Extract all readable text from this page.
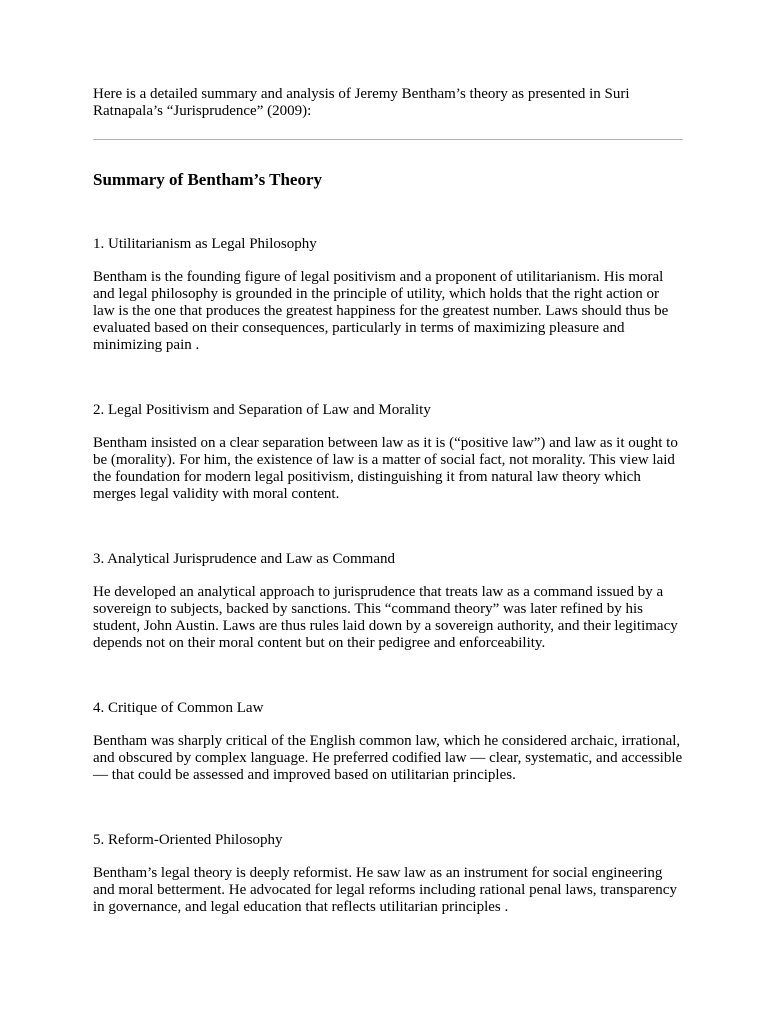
Here is a detailed summary and analysis of Jeremy Bentham’s theory as presented in Suri Ratnapala’s “Jurisprudence” (2009):

Summary of Bentham’s Theory

1. Utilitarianism as Legal Philosophy

Bentham is the founding figure of legal positivism and a proponent of utilitarianism. His moral and legal philosophy is grounded in the principle of utility, which holds that the right action or law is the one that produces the greatest happiness for the greatest number. Laws should thus be evaluated based on their consequences, particularly in terms of maximizing pleasure and minimizing pain .

2. Legal Positivism and Separation of Law and Morality

Bentham insisted on a clear separation between law as it is (“positive law”) and law as it ought to be (morality). For him, the existence of law is a matter of social fact, not morality. This view laid the foundation for modern legal positivism, distinguishing it from natural law theory which merges legal validity with moral content.

3. Analytical Jurisprudence and Law as Command

He developed an analytical approach to jurisprudence that treats law as a command issued by a sovereign to subjects, backed by sanctions. This “command theory” was later refined by his student, John Austin. Laws are thus rules laid down by a sovereign authority, and their legitimacy depends not on their moral content but on their pedigree and enforceability.

4. Critique of Common Law

Bentham was sharply critical of the English common law, which he considered archaic, irrational, and obscured by complex language. He preferred codified law — clear, systematic, and accessible — that could be assessed and improved based on utilitarian principles.

5. Reform-Oriented Philosophy

Bentham’s legal theory is deeply reformist. He saw law as an instrument for social engineering and moral betterment. He advocated for legal reforms including rational penal laws, transparency in governance, and legal education that reflects utilitarian principles .
